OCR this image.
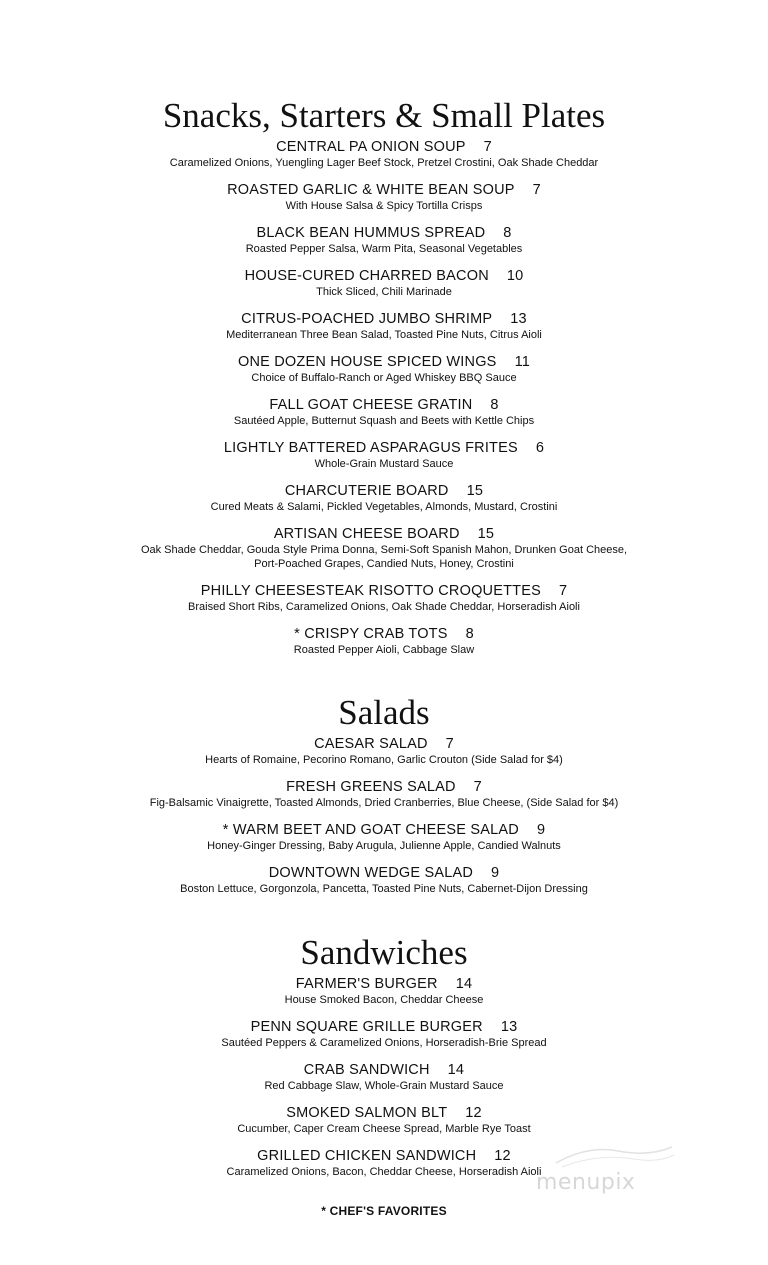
Snacks, Starters & Small Plates
CENTRAL PA ONION SOUP 7
Caramelized Onions, Yuengling Lager Beef Stock, Pretzel Crostini, Oak Shade Cheddar
ROASTED GARLIC & WHITE BEAN SOUP 7
With House Salsa & Spicy Tortilla Crisps
BLACK BEAN HUMMUS SPREAD 8
Roasted Pepper Salsa, Warm Pita, Seasonal Vegetables
HOUSE-CURED CHARRED BACON 10
Thick Sliced, Chili Marinade
CITRUS-POACHED JUMBO SHRIMP 13
Mediterranean Three Bean Salad, Toasted Pine Nuts, Citrus Aioli
ONE DOZEN HOUSE SPICED WINGS 11
Choice of Buffalo-Ranch or Aged Whiskey BBQ Sauce
FALL GOAT CHEESE GRATIN 8
Sautéed Apple, Butternut Squash and Beets with Kettle Chips
LIGHTLY BATTERED ASPARAGUS FRITES 6
Whole-Grain Mustard Sauce
CHARCUTERIE BOARD 15
Cured Meats & Salami, Pickled Vegetables, Almonds, Mustard, Crostini
ARTISAN CHEESE BOARD 15
Oak Shade Cheddar, Gouda Style Prima Donna, Semi-Soft Spanish Mahon, Drunken Goat Cheese,
Port-Poached Grapes, Candied Nuts, Honey, Crostini
PHILLY CHEESESTEAK RISOTTO CROQUETTES 7
Braised Short Ribs, Caramelized Onions, Oak Shade Cheddar, Horseradish Aioli
* CRISPY CRAB TOTS 8
Roasted Pepper Aioli, Cabbage Slaw
Salads
CAESAR SALAD 7
Hearts of Romaine, Pecorino Romano, Garlic Crouton (Side Salad for $4)
FRESH GREENS SALAD 7
Fig-Balsamic Vinaigrette, Toasted Almonds, Dried Cranberries, Blue Cheese, (Side Salad for $4)
* WARM BEET AND GOAT CHEESE SALAD 9
Honey-Ginger Dressing, Baby Arugula, Julienne Apple, Candied Walnuts
DOWNTOWN WEDGE SALAD 9
Boston Lettuce, Gorgonzola, Pancetta, Toasted Pine Nuts, Cabernet-Dijon Dressing
Sandwiches
FARMER'S BURGER 14
House Smoked Bacon, Cheddar Cheese
PENN SQUARE GRILLE BURGER 13
Sautéed Peppers & Caramelized Onions, Horseradish-Brie Spread
CRAB SANDWICH 14
Red Cabbage Slaw, Whole-Grain Mustard Sauce
SMOKED SALMON BLT 12
Cucumber, Caper Cream Cheese Spread, Marble Rye Toast
GRILLED CHICKEN SANDWICH 12
Caramelized Onions, Bacon, Cheddar Cheese, Horseradish Aioli
* CHEF'S FAVORITES
menupix
